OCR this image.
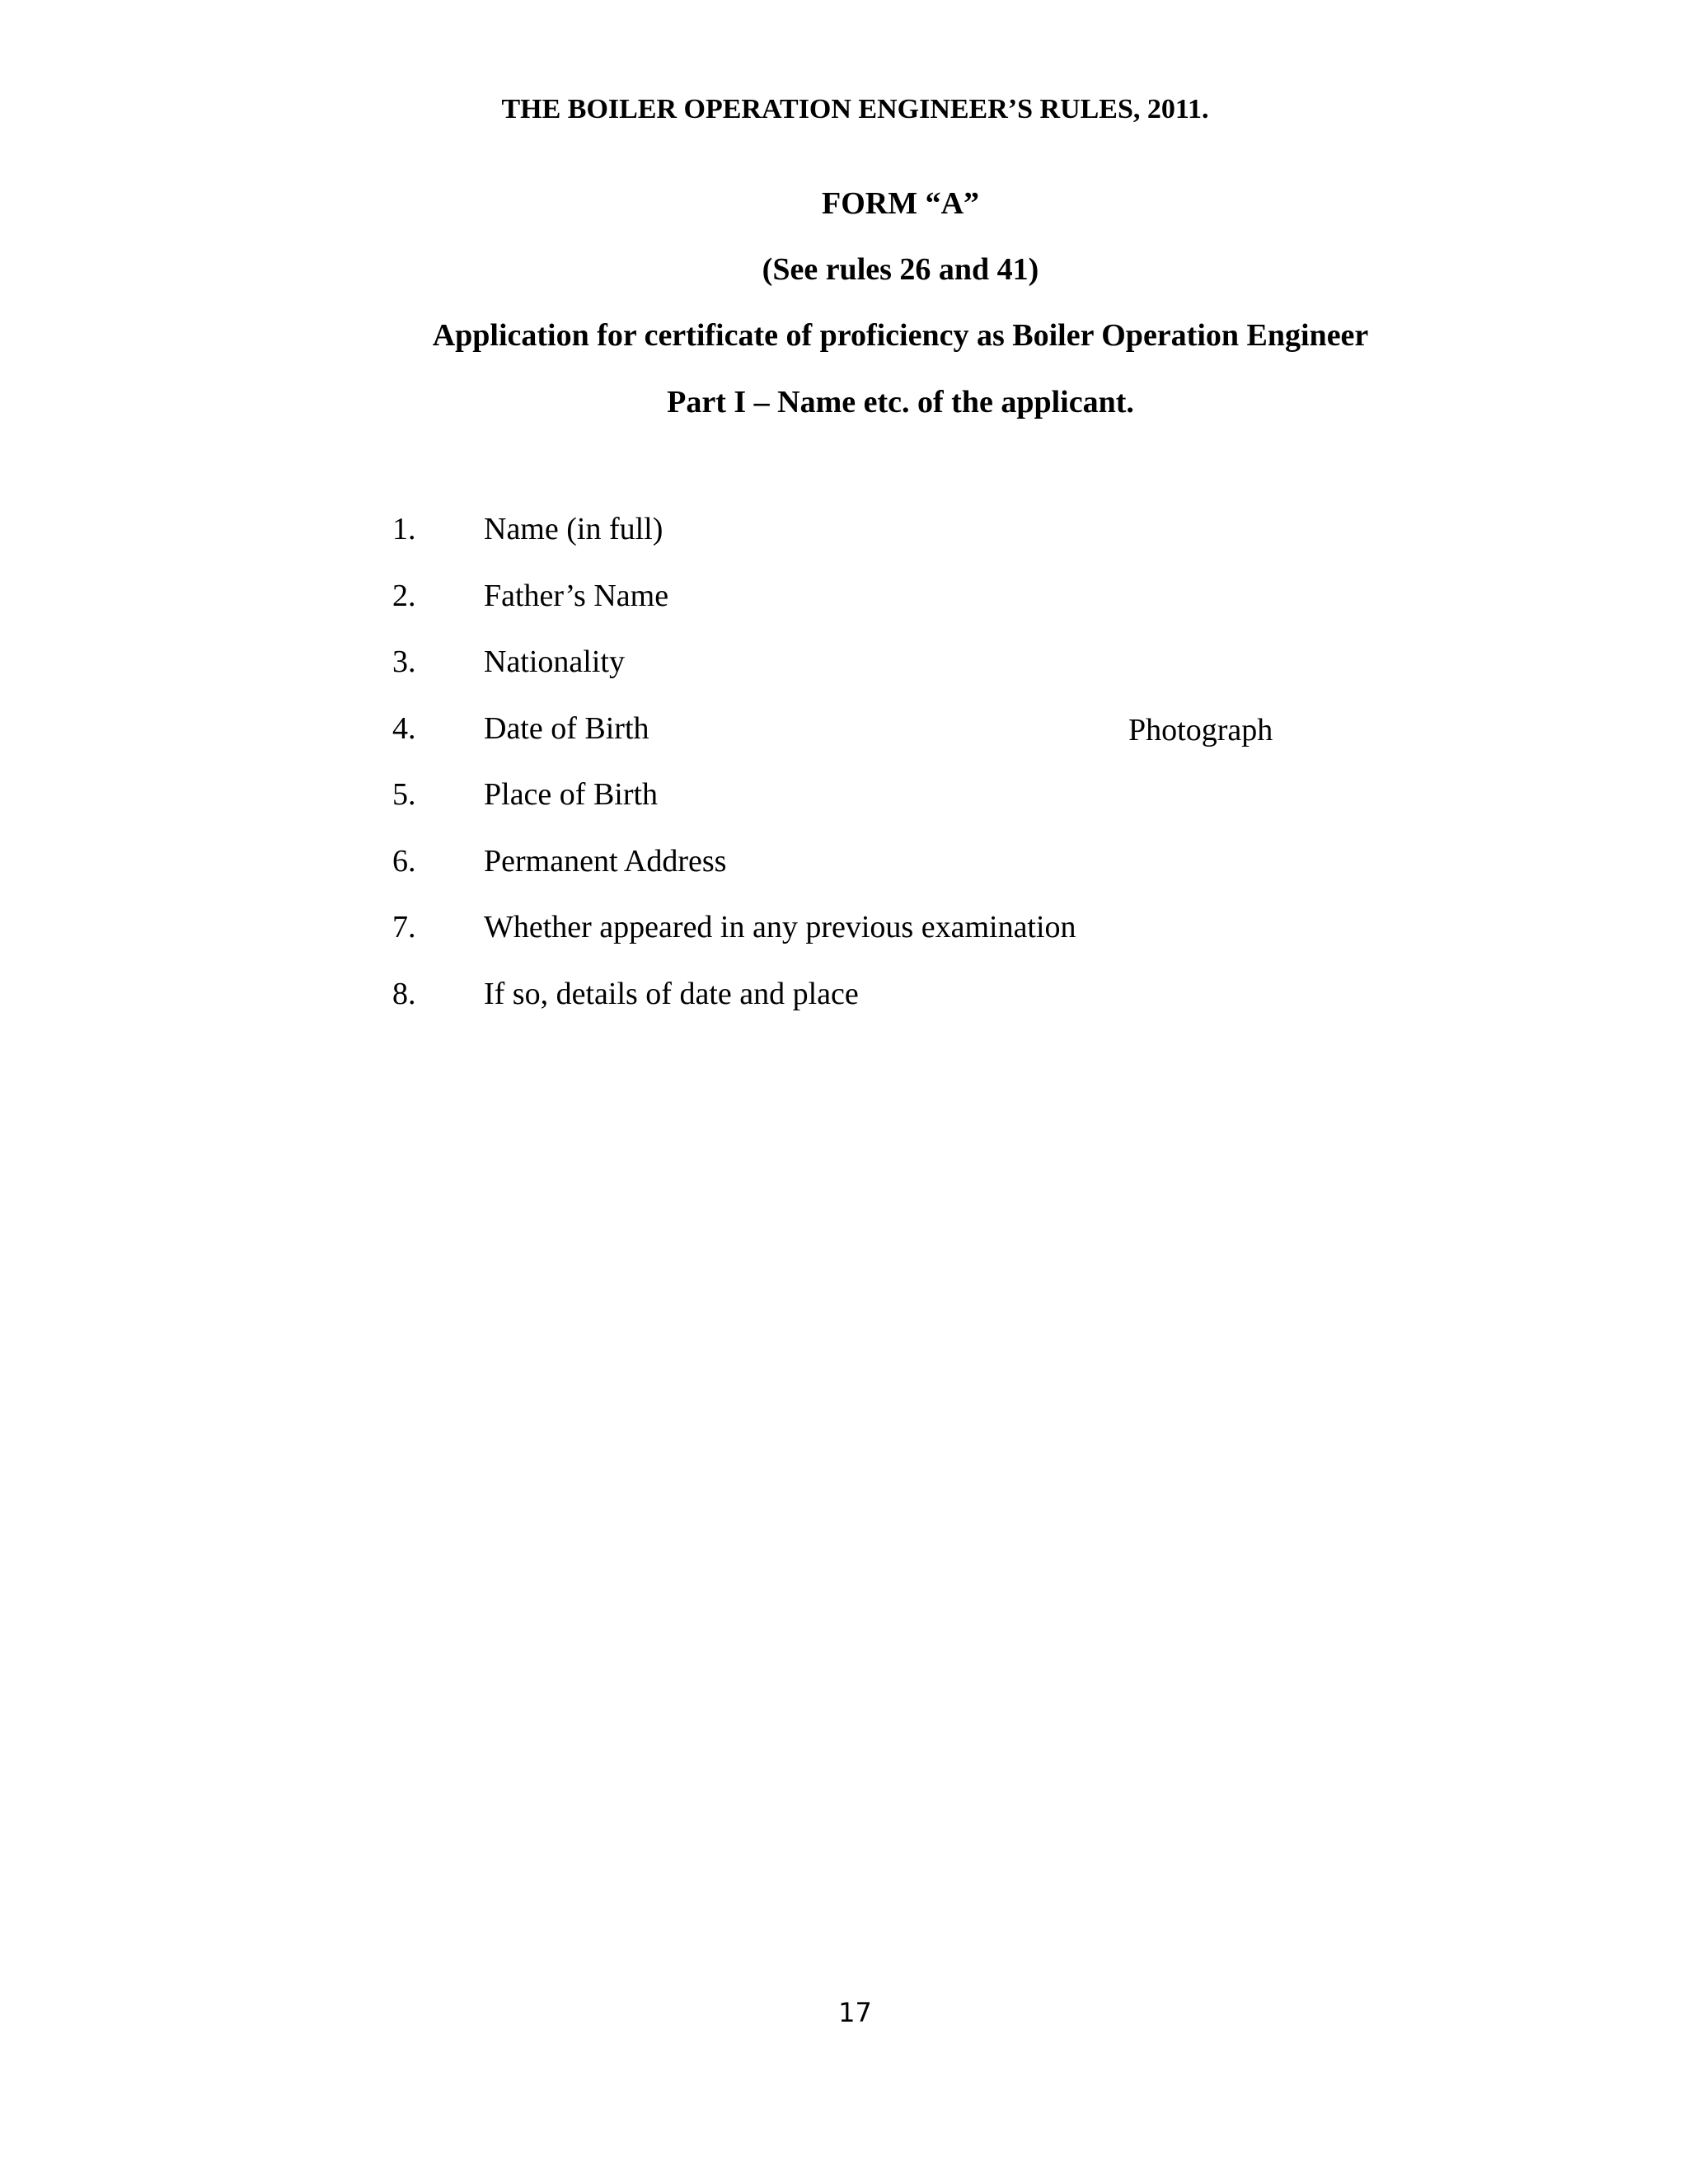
THE BOILER OPERATION ENGINEER’S RULES, 2011.
FORM “A”
(See rules 26 and 41)
Application for certificate of proficiency as Boiler Operation Engineer
Part I – Name etc. of the applicant.
1. Name (in full)
2. Father’s Name
3. Nationality
4. Date of Birth
5. Place of Birth
6. Permanent Address
7. Whether appeared in any previous examination
8. If so, details of date and place
Photograph
17
